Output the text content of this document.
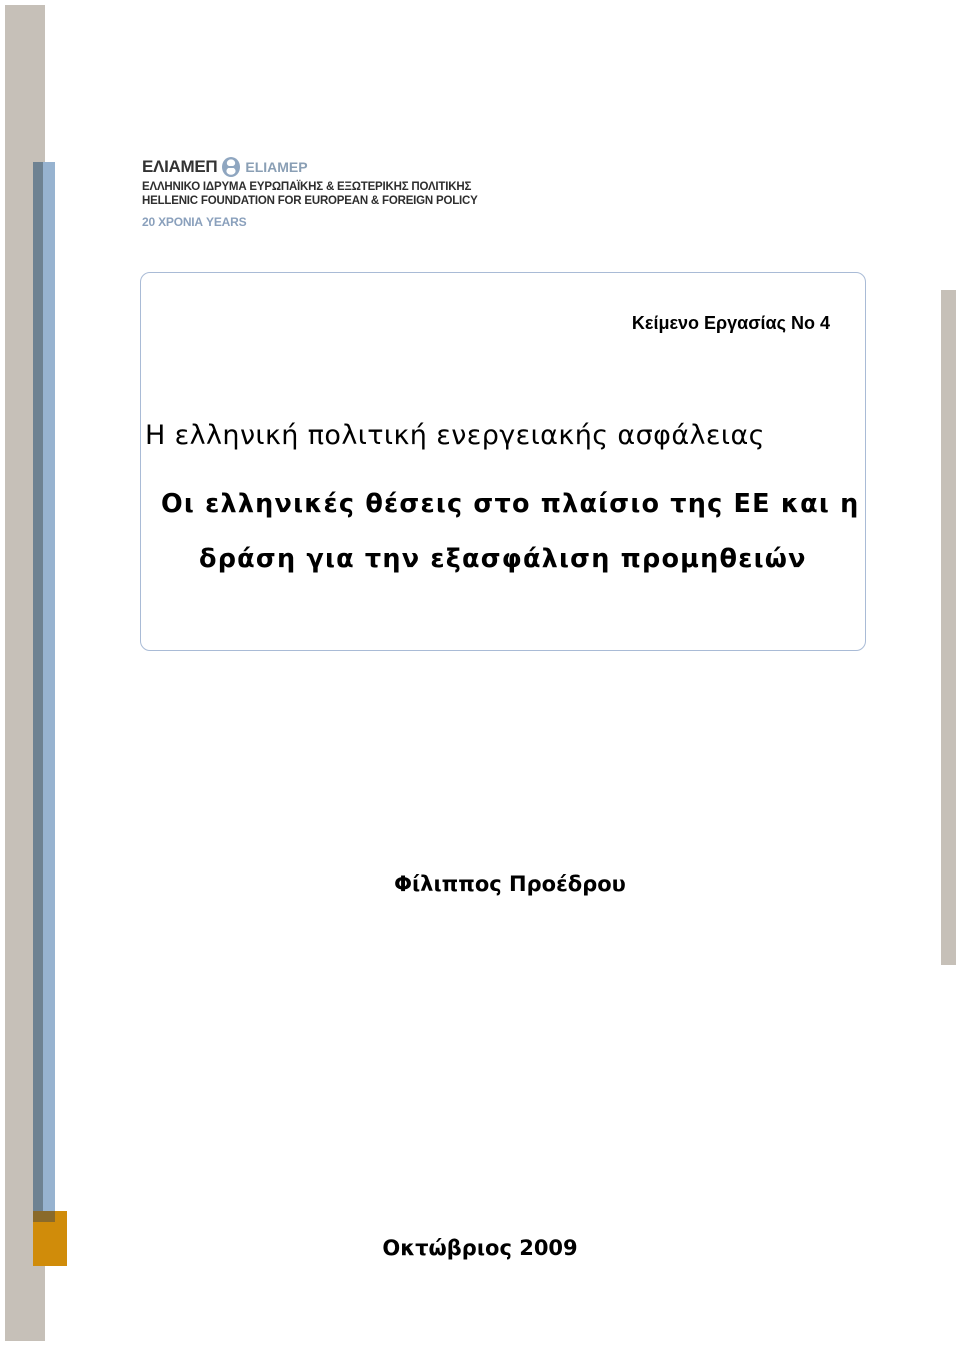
ΕΛΙΑΜΕΠ ELIAMEP
ΕΛΛΗΝΙΚΟ ΙΔΡΥΜΑ ΕΥΡΩΠΑΪΚΗΣ & ΕΞΩΤΕΡΙΚΗΣ ΠΟΛΙΤΙΚΗΣ
HELLENIC FOUNDATION FOR EUROPEAN & FOREIGN POLICY
20 ΧΡΟΝΙΑ YEARS
Κείμενο Εργασίας Νο 4
Η ελληνική πολιτική ενεργειακής ασφάλειας
Οι ελληνικές θέσεις στο πλαίσιο της ΕΕ και η
δράση για την εξασφάλιση προμηθειών
Φίλιππος Προέδρου
Οκτώβριος 2009
